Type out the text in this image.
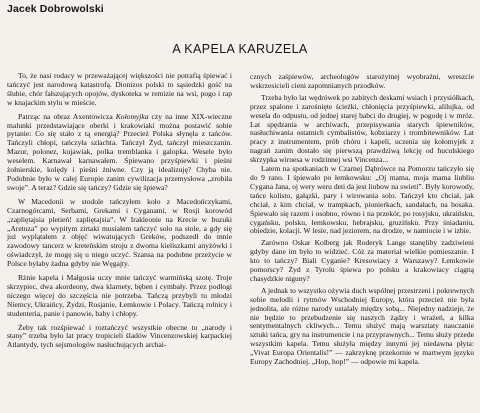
Jacek Dobrowolski
A KAPELA KARUZELA

To, że nasi rodacy w przeważającej większości nie potrafią śpiewać i tańczyć jest narodową katastrofą. Dionizos polski to sąsiedzki gość na ślubie, chór fałszujących opojów, dyskoteka w remizie na wsi, pogo i rap w knajackim stylu w mieście.

Patrząc na obraz Axentowicza Kołomyjka czy na inne XIX-wieczne malunki przedstawiające oberki i krakowiaki można postawić sobie pytanie: Co się stało z tą energią? Przecież Polska słynęła z tańców. Tańczyli chłopi, tańczyła szlachta. Tańczył Żyd, tańczył mieszczanin. Mazur, polonez, kujawiak, polka tremblanka i galopka. Wesele było weselem. Karnawał karnawałem. Śpiewano przyśpiewki i pieśni żołnierskie, kolędy i pieśni żniwne. Czy ją idealizuję? Chyba nie. Podobnie było w całej Europie zanim cywilizacja przemysłowa „zrobiła swoje”. A teraz? Gdzie się tańczy? Gdzie się śpiewa?

W Macedonii w stodole tańczyłem koło z Macedończykami, Czarnogórcami, Serbami, Grekami i Cyganami, w Rosji korowód „zapliętajsia pletień! zapliętajsia”. W Irakleonie na Krecie w buzuki „Aretuza” po wypitym zirtaki musiałem tańczyć solo na stole, a gdy się już wyplątałem z objęć wiwatujących Greków, podszedł do mnie zawodowy tancerz w kreteńskim stroju z dwoma kieliszkami anyżówki i oświadczył, że mogę się u niego uczyć. Szansa na podobne przeżycie w Polsce byłaby żadna gdyby nie Węgajty.

Rżnie kapela i Małgosia uczy mnie tańczyć warmińską szotę. Troje skrzypiec, dwa akordeony, dwa klarnety, bęben i cymbały. Przez podłogi niczego więcej do szczęścia nie potrzeba. Tańczą przybyli tu młodzi Niemcy, Ukraińcy, Żydzi, Rosjanie, Łemkowie i Polacy. Tańczą rolnicy i studenteria, panie i panowie, baby i chłopy.

Żeby tak rozśpiewać i roztańczyć wszystkie obecne tu „narody i stany” trzeba było lat pracy tropicieli śladów Vincenzowskiej karpackiej Atlantydy, tych sejsmologów nasłuchujących archai-

cznych zaśpiewów, archeologów starożytnej wyobraźni, wreszcie wskrzesicieli cieni zapomnianych przodków.

Trzeba było lat wędrówek po zabitych deskami wsiach i przysiółkach, przez spalone i zarośnięte ścieżki, chłonięcia przyśpiewki, alilujka, od wesela do odpustu, od jednej starej babci do drugiej, w pogodę i w mróz. Lat spędzania w archiwach, przepisywania starych śpiewników, nasłuchiwania ostatnich cymbalistów, kobziarzy i trombitewników. Lat pracy z instrumentem, prób chóru i kapeli, uczenia się kołomyjek z nagrań zanim dostało się pierwszą prawdziwą lekcję od huculskiego skrzypka wiruesa w rodzinnej wsi Vincenza...

Latem na spotkaniach w Czarnej Dąbrówce na Pomorzu tańczyło się do 9 rano. I śpiewało po łemkowsku: „Oj mama, moja mama liubliu Cygana Jana, oj wery weru deti da jest liubow na swieti”. Były korowody, tańce kolisto, gałązki, pary i wirowania solo. Tańczył kto chciał, jak chciał, z kim chciał, w trampkach, pionierkach, sandałach, na bosaka. Śpiewało się razem i osobno, równo i na przekór, po rosyjsku, ukraińsku, cygańsku, polsku, łemkowsku, hebrajsku, gruzińsku. Przy śniadaniu, obiedzie, kolacji. W lesie, nad jeziorem, na drodze, w namiocie i w izbie.

Zarówno Oskar Kolberg jak Roderyk Lange stanęliby zadziwieni gdyby dane im było to widzieć. Cóż za materiał wielkie pomieszanie. I kto to tańczy? Biali Cyganie? Kresowiacy z Warszawy? Łemkowie pomorscy? Żyd z Tyrolu śpiewa po polsku a krakowiacy ciągną chasydzkie niguny?

A jednak to wszystko ożywia duch wspólnej przestrzeni i pokrewnych sobie melodii i rytmów Wschodniej Europy, która przecież nie była jednolita, ale różne narody ustalały między sobą... Niejedny nadzieje, że nie będzie to przebudzenie się naszych żądzy i wrażeń, a kilka sentymentalnych ckliwych... Temu służyć mają warsztaty nauczanie sztuki tańca, gry na instrumencie i na przyprawnych... Temu służy przede wszystkim kapela. Temu służyła między innymi jej niedawna płyta: „Vivat Europa Orientalis!” — zakrzyknę przekornie w martwym języku Europy Zachodniej. „Hop, hop!” — odpowie mi kapela.
